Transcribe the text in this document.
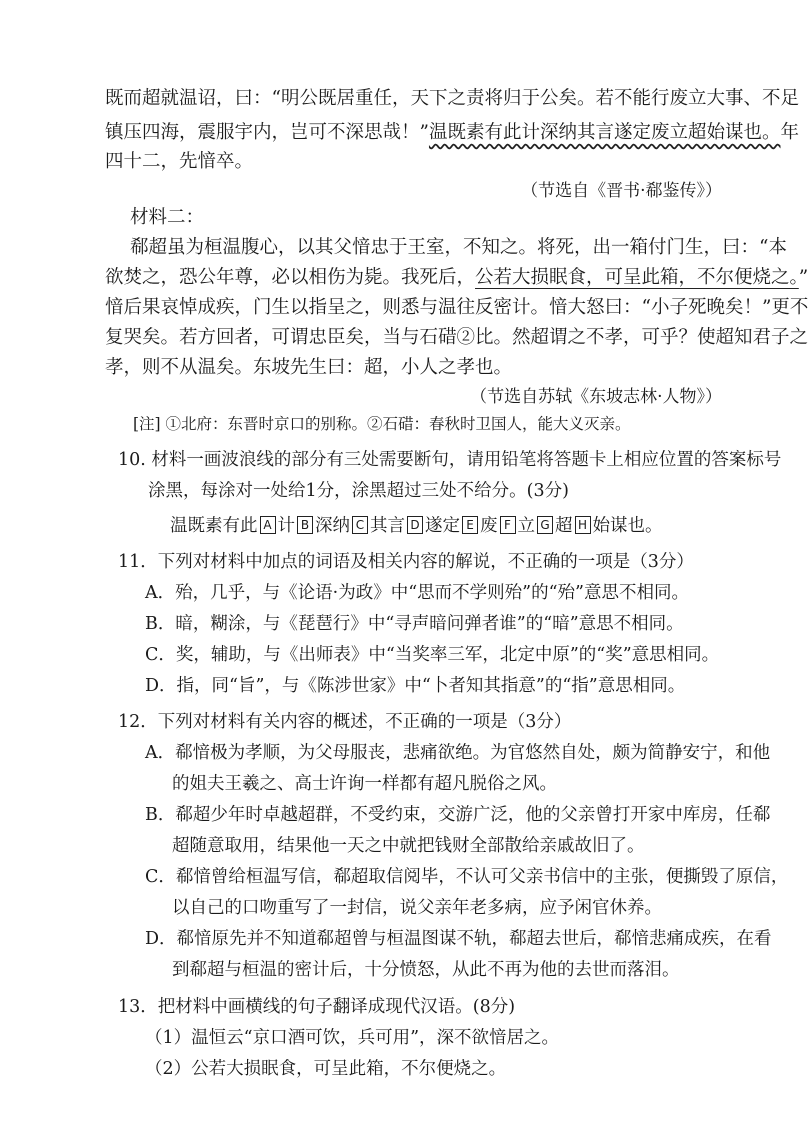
既而超就温诏，曰：“明公既居重任，天下之责将归于公矣。若不能行废立大事、不足
镇压四海，震服宇内，岂可不深思哉！”温既素有此计深纳其言遂定废立超始谋也。年
四十二，先愔卒。
（节选自《晋书·郗鉴传》）
材料二：
郗超虽为桓温腹心，以其父愔忠于王室，不知之。将死，出一箱付门生，曰：“本
欲焚之，恐公年尊，必以相伤为毙。我死后，公若大损眠食，可呈此箱，不尔便烧之。”
愔后果哀悼成疾，门生以指呈之，则悉与温往反密计。愔大怒曰：“小子死晚矣！”更不
复哭矣。若方回者，可谓忠臣矣，当与石碏②比。然超谓之不孝，可乎？使超知君子之
孝，则不从温矣。东坡先生曰：超，小人之孝也。
（节选自苏轼《东坡志林·人物》）
[注] ①北府：东晋时京口的别称。②石碏：春秋时卫国人，能大义灭亲。
10. 材料一画波浪线的部分有三处需要断句，请用铅笔将答题卡上相应位置的答案标号
涂黑，每涂对一处给1分，涂黑超过三处不给分。(3分)
温既素有此 A 计 B 深纳 C 其言 D 遂定 E 废 F 立 G 超 H 始谋也。
11．下列对材料中加点的词语及相关内容的解说，不正确的一项是（3分）
A．殆，几乎，与《论语·为政》中“思而不学则殆”的“殆”意思不相同。
B．暗，糊涂，与《琵琶行》中“寻声暗问弹者谁”的“暗”意思不相同。
C．奖，辅助，与《出师表》中“当奖率三军，北定中原”的“奖”意思相同。
D．指，同“旨”，与《陈涉世家》中“卜者知其指意”的“指”意思相同。
12．下列对材料有关内容的概述，不正确的一项是（3分）
A．郗愔极为孝顺，为父母服丧，悲痛欲绝。为官悠然自处，颇为简静安宁，和他
的姐夫王羲之、高士许询一样都有超凡脱俗之风。
B．郗超少年时卓越超群，不受约束，交游广泛，他的父亲曾打开家中库房，任郗
超随意取用，结果他一天之中就把钱财全部散给亲戚故旧了。
C．郗愔曾给桓温写信，郗超取信阅毕，不认可父亲书信中的主张，便撕毁了原信，
以自己的口吻重写了一封信，说父亲年老多病，应予闲官休养。
D．郗愔原先并不知道郗超曾与桓温图谋不轨，郗超去世后，郗愔悲痛成疾，在看
到郗超与桓温的密计后，十分愤怒，从此不再为他的去世而落泪。
13．把材料中画横线的句子翻译成现代汉语。(8分)
（1）温恒云“京口酒可饮，兵可用”，深不欲愔居之。
（2）公若大损眠食，可呈此箱，不尔便烧之。
